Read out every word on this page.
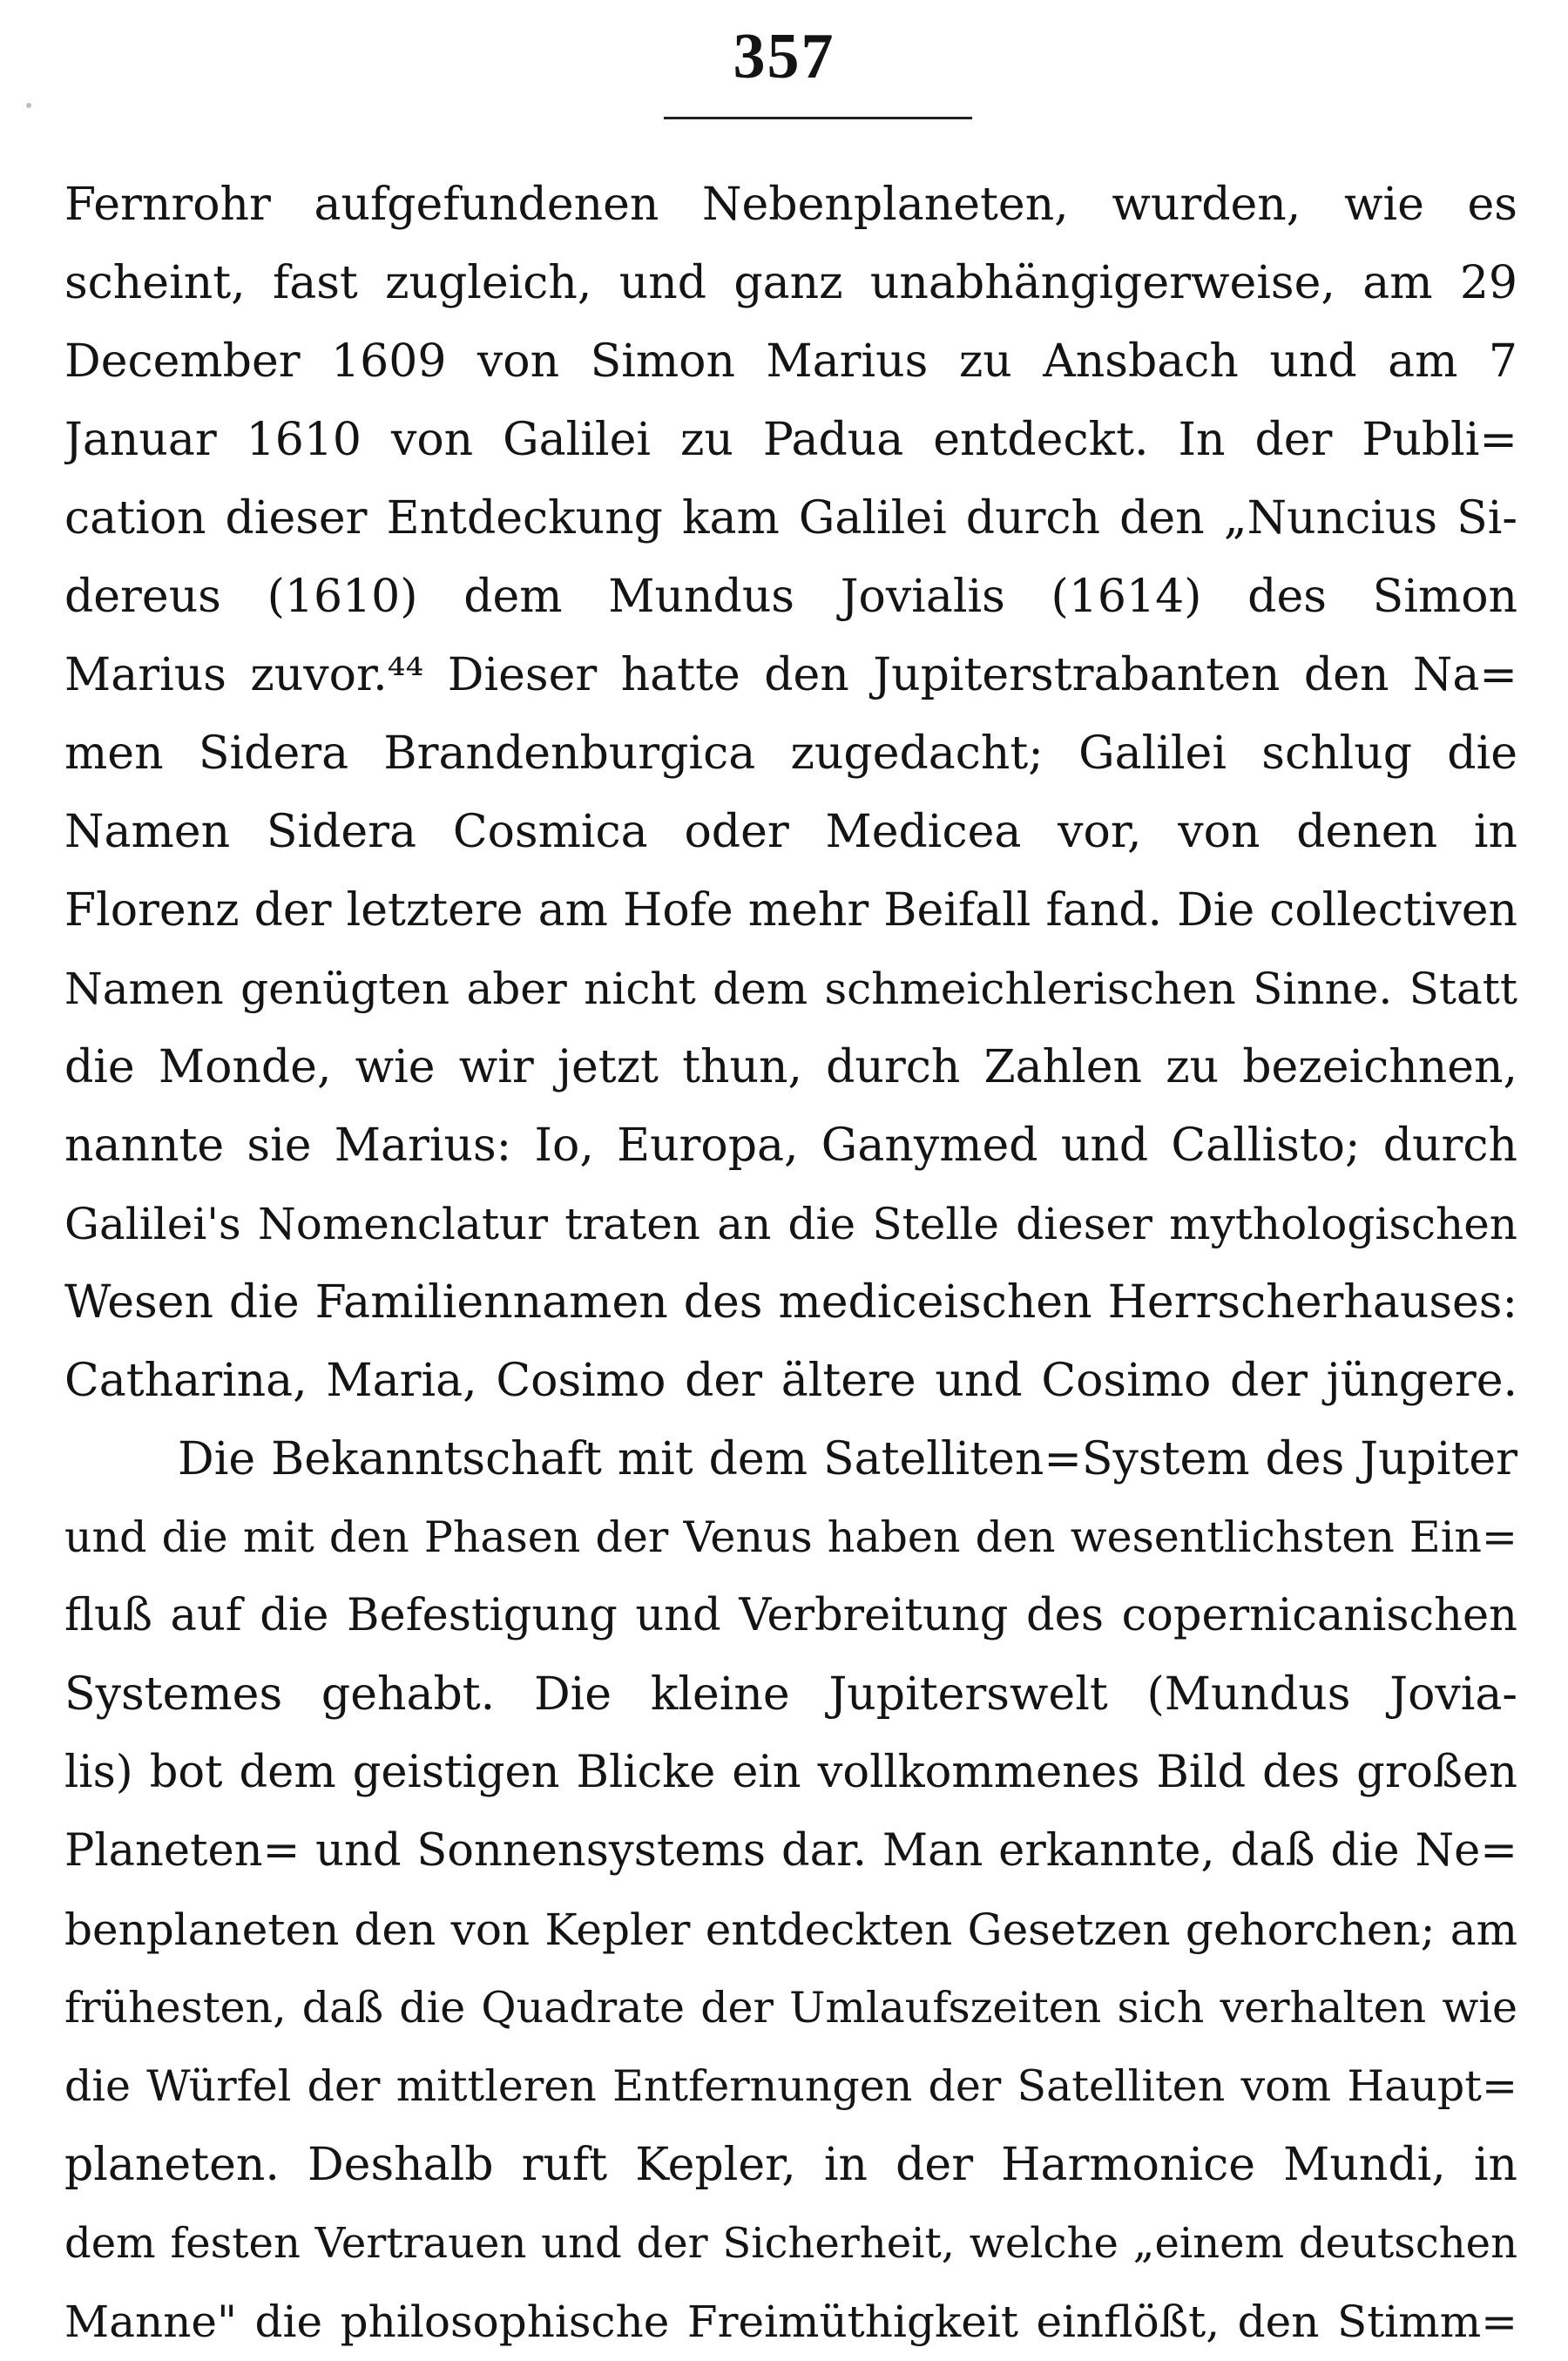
357
Fernrohr aufgefundenen Nebenplaneten, wurden, wie es
scheint, fast zugleich, und ganz unabhängigerweise, am 29
December 1609 von Simon Marius zu Ansbach und am 7
Januar 1610 von Galilei zu Padua entdeckt. In der Publi=
cation dieser Entdeckung kam Galilei durch den „Nuncius Si-
dereus (1610) dem Mundus Jovialis (1614) des Simon
Marius zuvor.⁴⁴ Dieser hatte den Jupiterstrabanten den Na=
men Sidera Brandenburgica zugedacht; Galilei schlug die
Namen Sidera Cosmica oder Medicea vor, von denen in
Florenz der letztere am Hofe mehr Beifall fand. Die collectiven
Namen genügten aber nicht dem schmeichlerischen Sinne. Statt
die Monde, wie wir jetzt thun, durch Zahlen zu bezeichnen,
nannte sie Marius: Io, Europa, Ganymed und Callisto; durch
Galilei's Nomenclatur traten an die Stelle dieser mythologischen
Wesen die Familiennamen des mediceischen Herrscherhauses:
Catharina, Maria, Cosimo der ältere und Cosimo der jüngere.
Die Bekanntschaft mit dem Satelliten=System des Jupiter
und die mit den Phasen der Venus haben den wesentlichsten Ein=
fluß auf die Befestigung und Verbreitung des copernicanischen
Systemes gehabt. Die kleine Jupiterswelt (Mundus Jovia-
lis) bot dem geistigen Blicke ein vollkommenes Bild des großen
Planeten= und Sonnensystems dar. Man erkannte, daß die Ne=
benplaneten den von Kepler entdeckten Gesetzen gehorchen; am
frühesten, daß die Quadrate der Umlaufszeiten sich verhalten wie
die Würfel der mittleren Entfernungen der Satelliten vom Haupt=
planeten. Deshalb ruft Kepler, in der Harmonice Mundi, in
dem festen Vertrauen und der Sicherheit, welche „einem deutschen
Manne" die philosophische Freimüthigkeit einflößt, den Stimm=
